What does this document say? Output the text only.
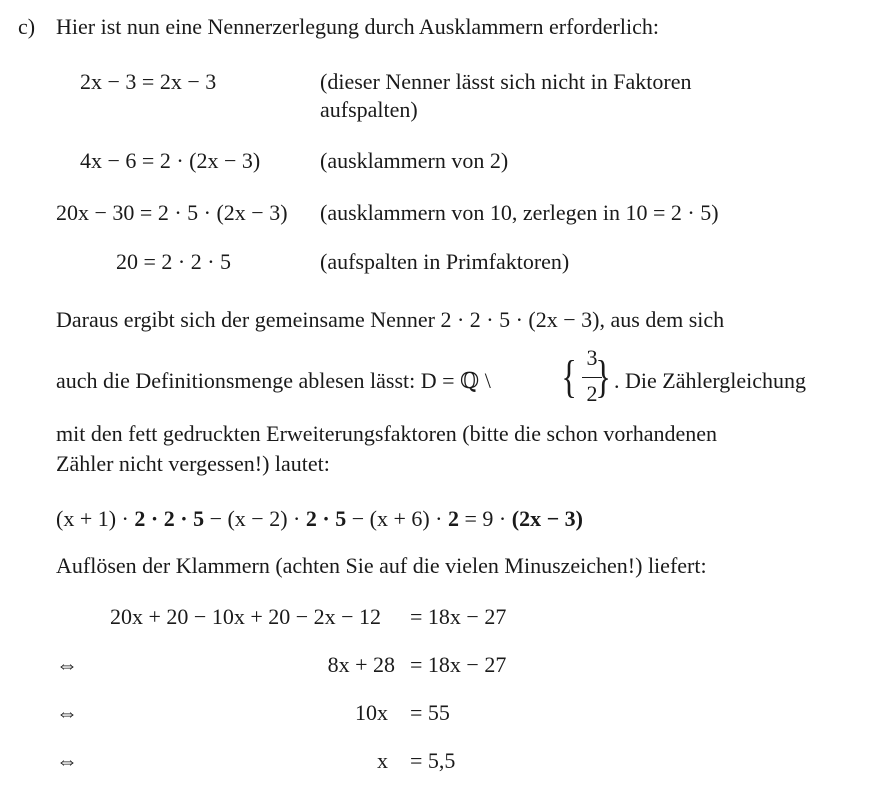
c) Hier ist nun eine Nennerzerlegung durch Ausklammern erforderlich:
2x − 3 = 2x − 3	(dieser Nenner lässt sich nicht in Faktoren
aufspalten)
4x − 6 = 2 · (2x − 3)	(ausklammern von 2)
20x − 30 = 2 · 5 · (2x − 3) (ausklammern von 10, zerlegen in 10 = 2 · 5)
20 = 2 · 2 · 5	(aufspalten in Primfaktoren)
Daraus ergibt sich der gemeinsame Nenner 2 · 2 · 5 · (2x − 3), aus dem sich
auch die Definitionsmenge ablesen lässt: D = ℚ \ { 3
2
} . Die Zählergleichung
mit den fett gedruckten Erweiterungsfaktoren (bitte die schon vorhandenen
Zähler nicht vergessen!) lautet:
(x + 1) · 2 · 2 · 5 − (x − 2) · 2 · 5 − (x + 6) · 2 = 9 · (2x − 3)
Auflösen der Klammern (achten Sie auf die vielen Minuszeichen!) liefert:
20x + 20 − 10x + 20 − 2x − 12 = 18x − 27
⇔	8x + 28 = 18x − 27
⇔	10x = 55
⇔	x = 5,5
